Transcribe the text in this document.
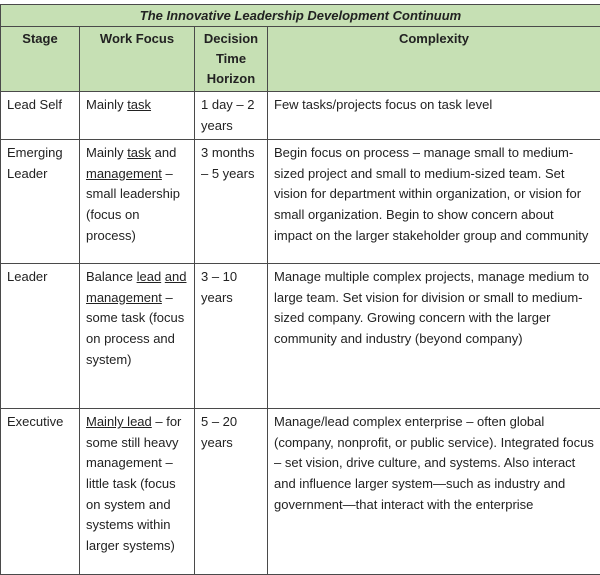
The Innovative Leadership Development Continuum			
Stage	Work Focus	Decision Time Horizon	Complexity
Lead Self	Mainly task	1 day – 2 years	Few tasks/projects focus on task level
Emerging Leader	Mainly task and management – small leadership (focus on process)	3 months – 5 years	Begin focus on process – manage small to medium-sized project and small to medium-sized team. Set vision for department within organization, or vision for small organization. Begin to show concern about impact on the larger stakeholder group and community
Leader	Balance lead and management – some task (focus on process and system)	3 – 10 years	Manage multiple complex projects, manage medium to large team. Set vision for division or small to medium- sized company. Growing concern with the larger community and industry (beyond company)
Executive	Mainly lead – for some still heavy management – little task (focus on system and systems within larger systems)	5 – 20 years	Manage/lead complex enterprise – often global (company, nonprofit, or public service). Integrated focus – set vision, drive culture, and systems. Also interact and influence larger system—such as industry and government—that interact with the enterprise
